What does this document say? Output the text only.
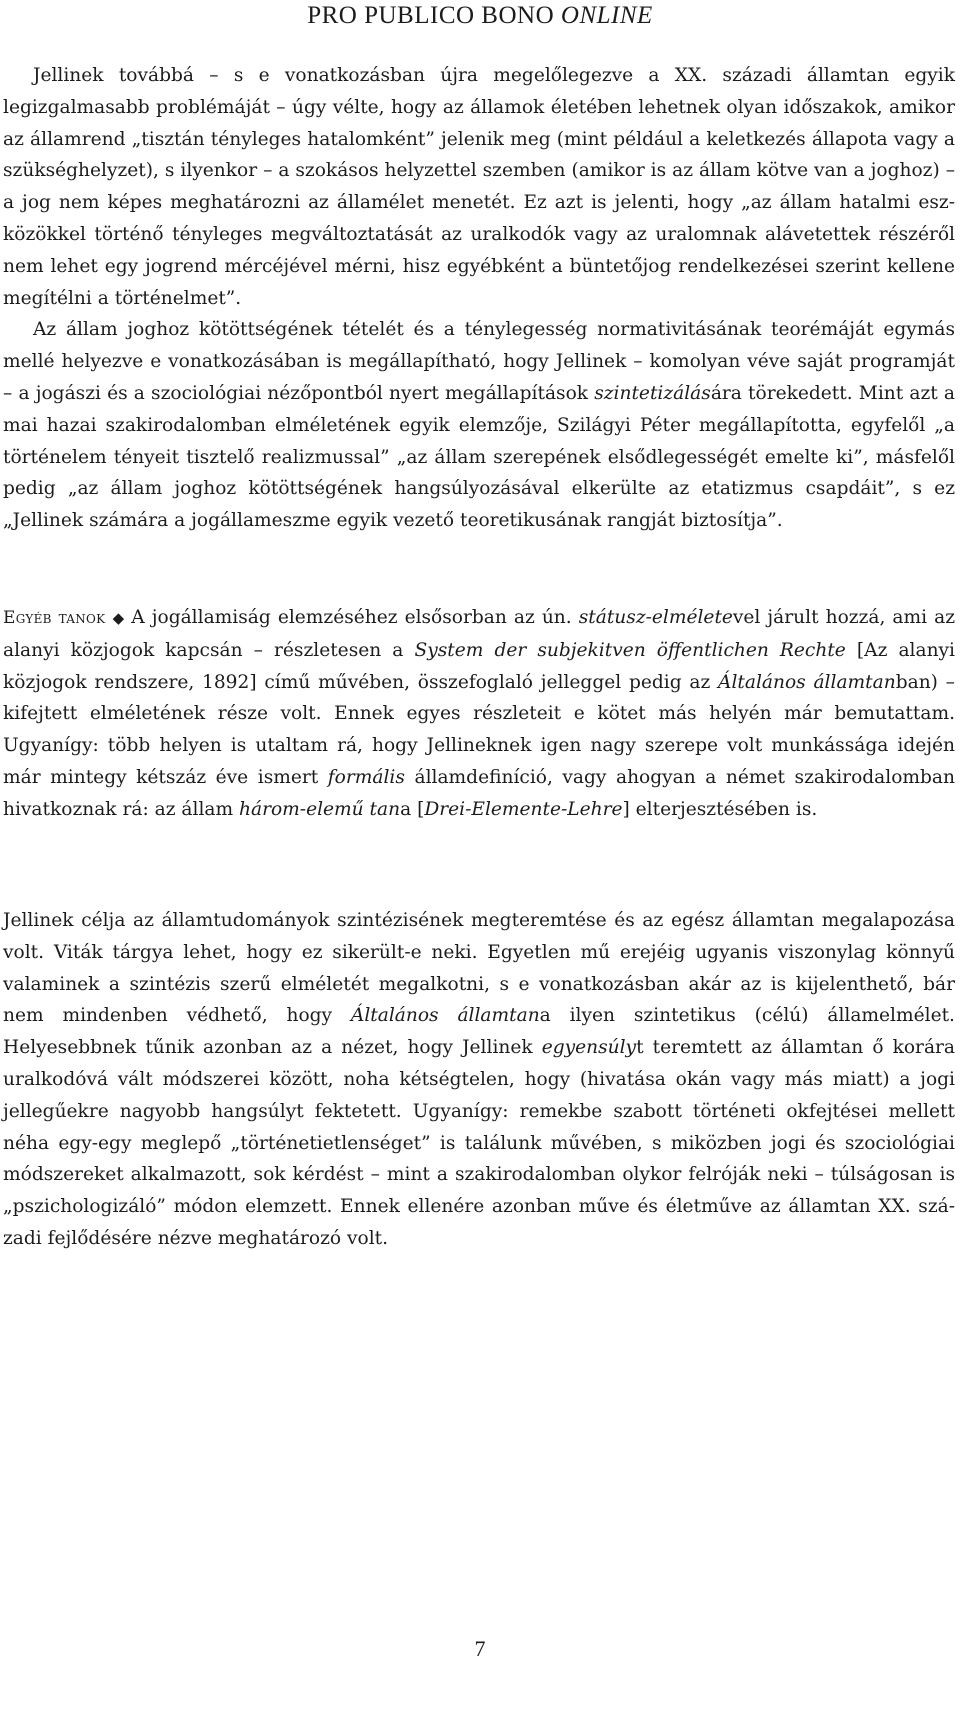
PRO PUBLICO BONO ONLINE

Jellinek továbbá – s e vonatkozásban újra megelőlegezve a XX. századi államtan egyik legizgalmasabb problémáját – úgy vélte, hogy az államok életében lehetnek olyan időszakok, amikor az államrend „tisztán tényleges hatalomként” jelenik meg (mint például a keletkezés állapota vagy a szükséghelyzet), s ilyenkor – a szokásos helyzettel szemben (amikor is az állam kötve van a joghoz) – a jog nem képes meghatározni az államélet menetét. Ez azt is jelenti, hogy „az állam hatalmi eszközökkel történő tényleges megváltoztatását az uralkodók vagy az uralomnak alávetettek részéről nem lehet egy jogrend mércéjével mérni, hisz egyébként a büntetőjog rendelkezései szerint kellene megítélni a történelmet”.

Az állam joghoz kötöttségének tételét és a ténylegesség normativitásának teorémáját egymás mellé helyezve e vonatkozásában is megállapítható, hogy Jellinek – komolyan véve saját programját – a jogászi és a szociológiai nézőpontból nyert megállapítások szintetizálására törekedett. Mint azt a mai hazai szakirodalomban elméletének egyik elemzője, Szilágyi Péter megállapította, egyfelől „a történelem tényeit tisztelő realizmussal” „az állam szerepének elsődlegességét emelte ki”, másfelől pedig „az állam joghoz kötöttségének hangsúlyozásával elkerülte az etatizmus csapdáit”, s ez „Jellinek számára a jogállameszme egyik vezető teoretikusának rangját biztosítja”.

Egyéb tanok ◆ A jogállamiság elemzéséhez elsősorban az ún. státusz-elméletevel járult hozzá, ami az alanyi közjogok kapcsán – részletesen a System der subjekitven öffentlichen Rechte [Az alanyi közjogok rendszere, 1892] című művében, összefoglaló jelleggel pedig az Általános államtanban) – kifejtett elméletének része volt. Ennek egyes részleteit e kötet más helyén már bemutattam. Ugyanígy: több helyen is utaltam rá, hogy Jellineknek igen nagy szerepe volt munkássága idején már mintegy kétszáz éve ismert formális államdefiníció, vagy ahogyan a német szakirodalomban hivatkoznak rá: az állam három-elemű tana [Drei-Elemente-Lehre] elterjesztésében is.

Jellinek célja az államtudományok szintézisének megteremtése és az egész államtan megalapozása volt. Viták tárgya lehet, hogy ez sikerült-e neki. Egyetlen mű erejéig ugyanis viszonylag könnyű valaminek a szintézis szerű elméletét megalkotni, s e vonatkozásban akár az is kijelenthető, bár nem mindenben védhető, hogy Általános államtana ilyen szintetikus (célú) államelmélet. Helyesebbnek tűnik azonban az a nézet, hogy Jellinek egyensúlyt teremtett az államtan ő korára uralkodóvá vált módszerei között, noha kétségtelen, hogy (hivatása okán vagy más miatt) a jogi jellegűekre nagyobb hangsúlyt fektetett. Ugyanígy: remekbe szabott történeti okfejtései mellett néha egy-egy meglepő „történetietlenséget” is találunk művében, s miközben jogi és szociológiai módszereket alkalmazott, sok kérdést – mint a szakirodalomban olykor felróják neki – túlságosan is „pszichologizáló” módon elemzett. Ennek ellenére azonban műve és életműve az államtan XX. századi fejlődésére nézve meghatározó volt.

7
